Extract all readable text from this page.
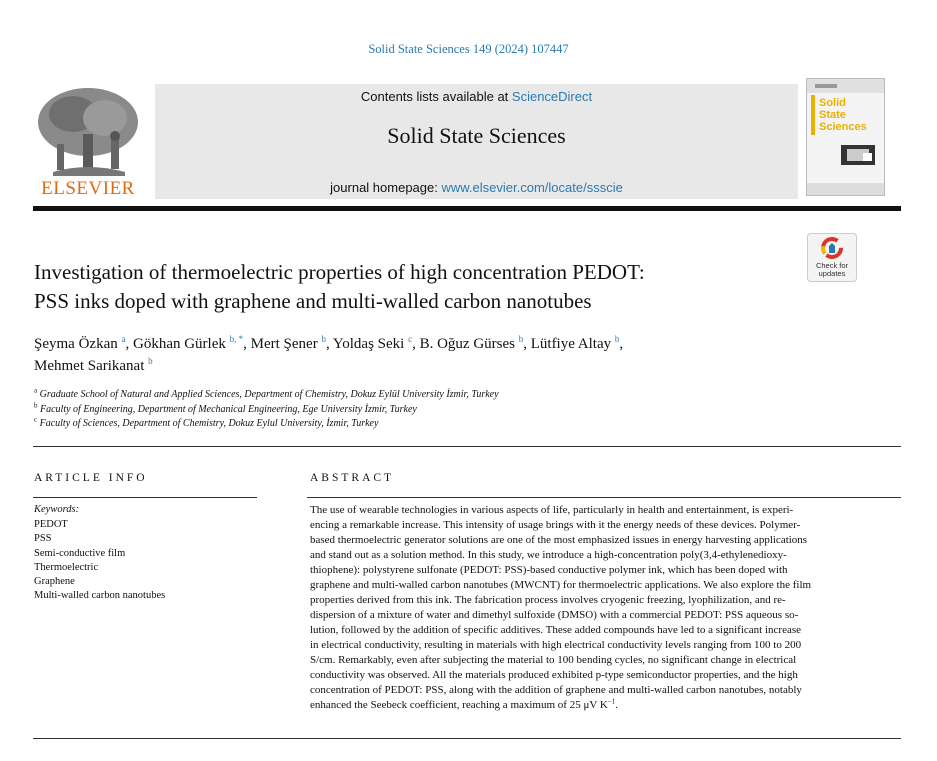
Solid State Sciences 149 (2024) 107447
ELSEVIER
Contents lists available at ScienceDirect
Solid State Sciences
journal homepage: www.elsevier.com/locate/ssscie
Solid
State
Sciences
Check for
updates
Investigation of thermoelectric properties of high concentration PEDOT:
PSS inks doped with graphene and multi-walled carbon nanotubes
Şeyma Özkan $^a$, Gökhan Gürlek $^{b, *}$, Mert Şener $^b$, Yoldaş Seki $^c$, B. Oğuz Gürses $^b$, Lütfiye Altay $^b$,
Mehmet Sarikanat $^b$
$^a$ Graduate School of Natural and Applied Sciences, Department of Chemistry, Dokuz Eylül University İzmir, Turkey
$^b$ Faculty of Engineering, Department of Mechanical Engineering, Ege University İzmir, Turkey
$^c$ Faculty of Sciences, Department of Chemistry, Dokuz Eylul University, İzmir, Turkey
ARTICLE INFO
Keywords:
PEDOT
PSS
Semi-conductive film
Thermoelectric
Graphene
Multi-walled carbon nanotubes
ABSTRACT
The use of wearable technologies in various aspects of life, particularly in health and entertainment, is experi-
encing a remarkable increase. This intensity of usage brings with it the energy needs of these devices. Polymer-
based thermoelectric generator solutions are one of the most emphasized issues in energy harvesting applications
and stand out as a solution method. In this study, we introduce a high-concentration poly(3,4-ethylenedioxy-
thiophene): polystyrene sulfonate (PEDOT: PSS)-based conductive polymer ink, which has been doped with
graphene and multi-walled carbon nanotubes (MWCNT) for thermoelectric applications. We also explore the film
properties derived from this ink. The fabrication process involves cryogenic freezing, lyophilization, and re-
dispersion of a mixture of water and dimethyl sulfoxide (DMSO) with a commercial PEDOT: PSS aqueous so-
lution, followed by the addition of specific additives. These added compounds have led to a significant increase
in electrical conductivity, resulting in materials with high electrical conductivity levels ranging from 100 to 200
S/cm. Remarkably, even after subjecting the material to 100 bending cycles, no significant change in electrical
conductivity was observed. All the materials produced exhibited p-type semiconductor properties, and the high
concentration of PEDOT: PSS, along with the addition of graphene and multi-walled carbon nanotubes, notably
enhanced the Seebeck coefficient, reaching a maximum of 25 μV $K^{-1}$.
